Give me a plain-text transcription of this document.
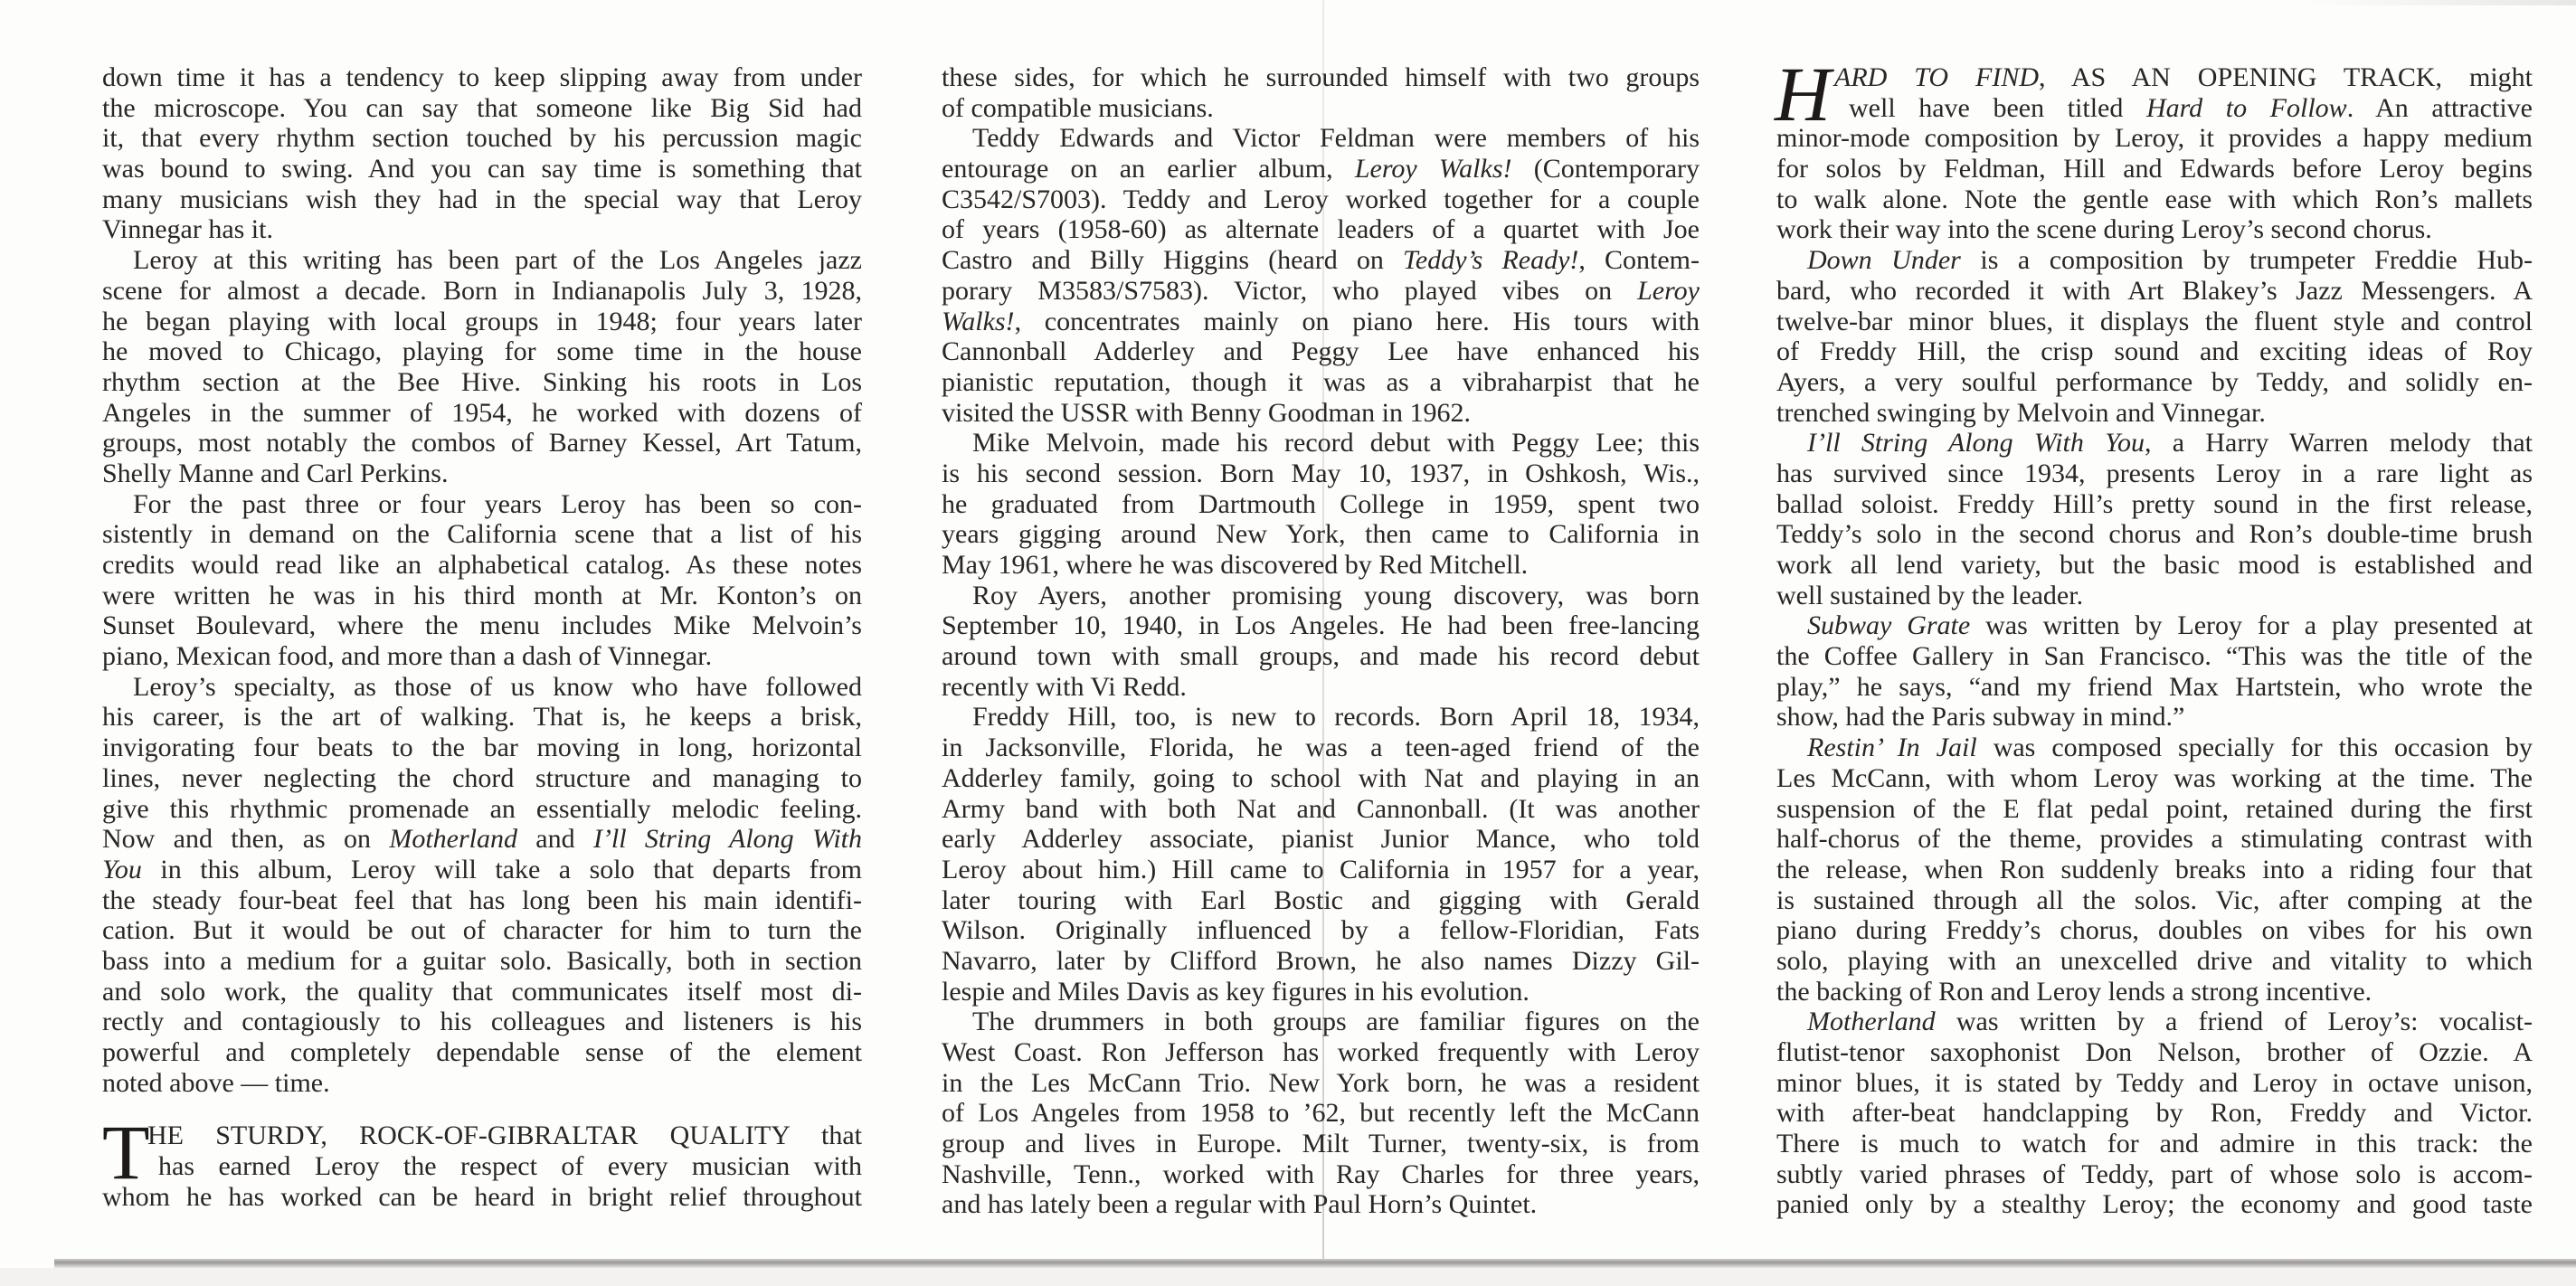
down time it has a tendency to keep slipping away from under
the microscope. You can say that someone like Big Sid had
it, that every rhythm section touched by his percussion magic
was bound to swing. And you can say time is something that
many musicians wish they had in the special way that Leroy
Vinnegar has it.
Leroy at this writing has been part of the Los Angeles jazz
scene for almost a decade. Born in Indianapolis July 3, 1928,
he began playing with local groups in 1948; four years later
he moved to Chicago, playing for some time in the house
rhythm section at the Bee Hive. Sinking his roots in Los
Angeles in the summer of 1954, he worked with dozens of
groups, most notably the combos of Barney Kessel, Art Tatum,
Shelly Manne and Carl Perkins.
For the past three or four years Leroy has been so con-
sistently in demand on the California scene that a list of his
credits would read like an alphabetical catalog. As these notes
were written he was in his third month at Mr. Konton’s on
Sunset Boulevard, where the menu includes Mike Melvoin’s
piano, Mexican food, and more than a dash of Vinnegar.
Leroy’s specialty, as those of us know who have followed
his career, is the art of walking. That is, he keeps a brisk,
invigorating four beats to the bar moving in long, horizontal
lines, never neglecting the chord structure and managing to
give this rhythmic promenade an essentially melodic feeling.
Now and then, as on Motherland and I’ll String Along With
You in this album, Leroy will take a solo that departs from
the steady four-beat feel that has long been his main identifi-
cation. But it would be out of character for him to turn the
bass into a medium for a guitar solo. Basically, both in section
and solo work, the quality that communicates itself most di-
rectly and contagiously to his colleagues and listeners is his
powerful and completely dependable sense of the element
noted above — time.
T
HE STURDY, ROCK-OF-GIBRALTAR QUALITY that
has earned Leroy the respect of every musician with
whom he has worked can be heard in bright relief throughout
these sides, for which he surrounded himself with two groups
of compatible musicians.
Teddy Edwards and Victor Feldman were members of his
entourage on an earlier album, Leroy Walks! (Contemporary
C3542/S7003). Teddy and Leroy worked together for a couple
of years (1958-60) as alternate leaders of a quartet with Joe
Castro and Billy Higgins (heard on Teddy’s Ready!, Contem-
porary M3583/S7583). Victor, who played vibes on Leroy
Walks!, concentrates mainly on piano here. His tours with
Cannonball Adderley and Peggy Lee have enhanced his
pianistic reputation, though it was as a vibraharpist that he
visited the USSR with Benny Goodman in 1962.
Mike Melvoin, made his record debut with Peggy Lee; this
is his second session. Born May 10, 1937, in Oshkosh, Wis.,
he graduated from Dartmouth College in 1959, spent two
years gigging around New York, then came to California in
May 1961, where he was discovered by Red Mitchell.
Roy Ayers, another promising young discovery, was born
September 10, 1940, in Los Angeles. He had been free-lancing
around town with small groups, and made his record debut
recently with Vi Redd.
Freddy Hill, too, is new to records. Born April 18, 1934,
in Jacksonville, Florida, he was a teen-aged friend of the
Adderley family, going to school with Nat and playing in an
Army band with both Nat and Cannonball. (It was another
early Adderley associate, pianist Junior Mance, who told
Leroy about him.) Hill came to California in 1957 for a year,
later touring with Earl Bostic and gigging with Gerald
Wilson. Originally influenced by a fellow-Floridian, Fats
Navarro, later by Clifford Brown, he also names Dizzy Gil-
lespie and Miles Davis as key figures in his evolution.
The drummers in both groups are familiar figures on the
West Coast. Ron Jefferson has worked frequently with Leroy
in the Les McCann Trio. New York born, he was a resident
of Los Angeles from 1958 to ’62, but recently left the McCann
group and lives in Europe. Milt Turner, twenty-six, is from
Nashville, Tenn., worked with Ray Charles for three years,
and has lately been a regular with Paul Horn’s Quintet.
H ARD TO FIND, AS AN OPENING TRACK, might
well have been titled Hard to Follow. An attractive
minor-mode composition by Leroy, it provides a happy medium
for solos by Feldman, Hill and Edwards before Leroy begins
to walk alone. Note the gentle ease with which Ron’s mallets
work their way into the scene during Leroy’s second chorus.
Down Under is a composition by trumpeter Freddie Hub-
bard, who recorded it with Art Blakey’s Jazz Messengers. A
twelve-bar minor blues, it displays the fluent style and control
of Freddy Hill, the crisp sound and exciting ideas of Roy
Ayers, a very soulful performance by Teddy, and solidly en-
trenched swinging by Melvoin and Vinnegar.
I’ll String Along With You, a Harry Warren melody that
has survived since 1934, presents Leroy in a rare light as
ballad soloist. Freddy Hill’s pretty sound in the first release,
Teddy’s solo in the second chorus and Ron’s double-time brush
work all lend variety, but the basic mood is established and
well sustained by the leader.
Subway Grate was written by Leroy for a play presented at
the Coffee Gallery in San Francisco. “This was the title of the
play,” he says, “and my friend Max Hartstein, who wrote the
show, had the Paris subway in mind.”
Restin’ In Jail was composed specially for this occasion by
Les McCann, with whom Leroy was working at the time. The
suspension of the E flat pedal point, retained during the first
half-chorus of the theme, provides a stimulating contrast with
the release, when Ron suddenly breaks into a riding four that
is sustained through all the solos. Vic, after comping at the
piano during Freddy’s chorus, doubles on vibes for his own
solo, playing with an unexcelled drive and vitality to which
the backing of Ron and Leroy lends a strong incentive.
Motherland was written by a friend of Leroy’s: vocalist-
flutist-tenor saxophonist Don Nelson, brother of Ozzie. A
minor blues, it is stated by Teddy and Leroy in octave unison,
with after-beat handclapping by Ron, Freddy and Victor.
There is much to watch for and admire in this track: the
subtly varied phrases of Teddy, part of whose solo is accom-
panied only by a stealthy Leroy; the economy and good taste
